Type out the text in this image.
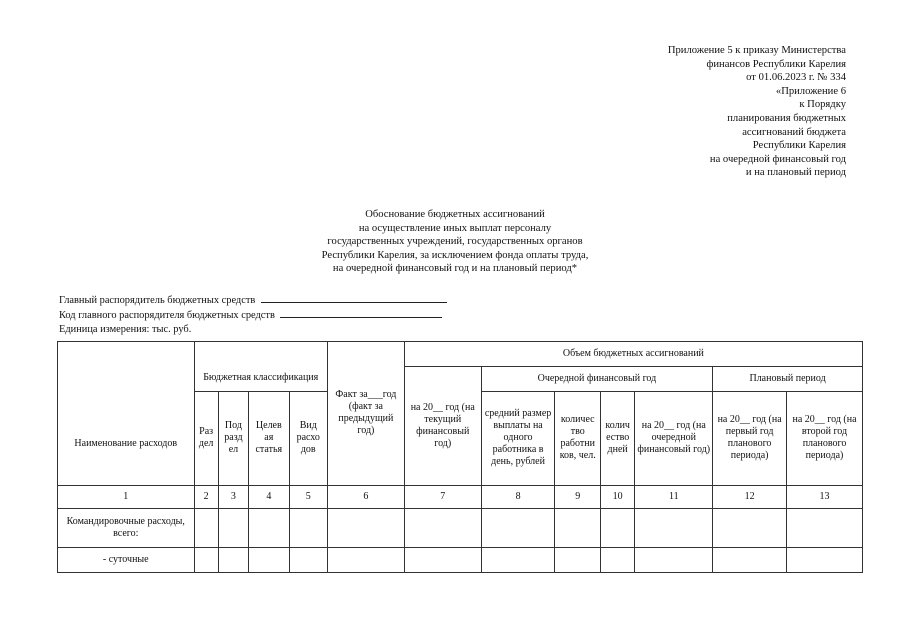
Приложение 5 к приказу Министерства
финансов Республики Карелия
от 01.06.2023 г. № 334
«Приложение 6
к Порядку
планирования бюджетных
ассигнований бюджета
Республики Карелия
на очередной финансовый год
и на плановый период
Обоснование бюджетных ассигнований
на осуществление иных выплат персоналу
государственных учреждений, государственных органов
Республики Карелия, за исключением фонда оплаты труда,
на очередной финансовый год и на плановый период*
Главный распорядитель бюджетных средств
Код главного распорядителя бюджетных средств
Единица измерения: тыс. руб.
Наименование расходов	Бюджетная классификация				Факт за___год (факт за предыдущий год)	Объем бюджетных ассигнований						
						на 20__ год (на текущий финансовый год)	Очередной финансовый год				Плановый период	
	Раз дел	Под разд ел	Целев ая статья	Вид расхо дов			средний размер выплаты на одного работника в день, рублей	количес тво работни ков, чел.	колич ество дней	на 20__ год (на очередной финансовый год)	на 20__ год (на первый год планового периода)	на 20__ год (на второй год планового периода)
1	2	3	4	5	6	7	8	9	10	11	12	13
Командировочные расходы, всего:												
- суточные												
